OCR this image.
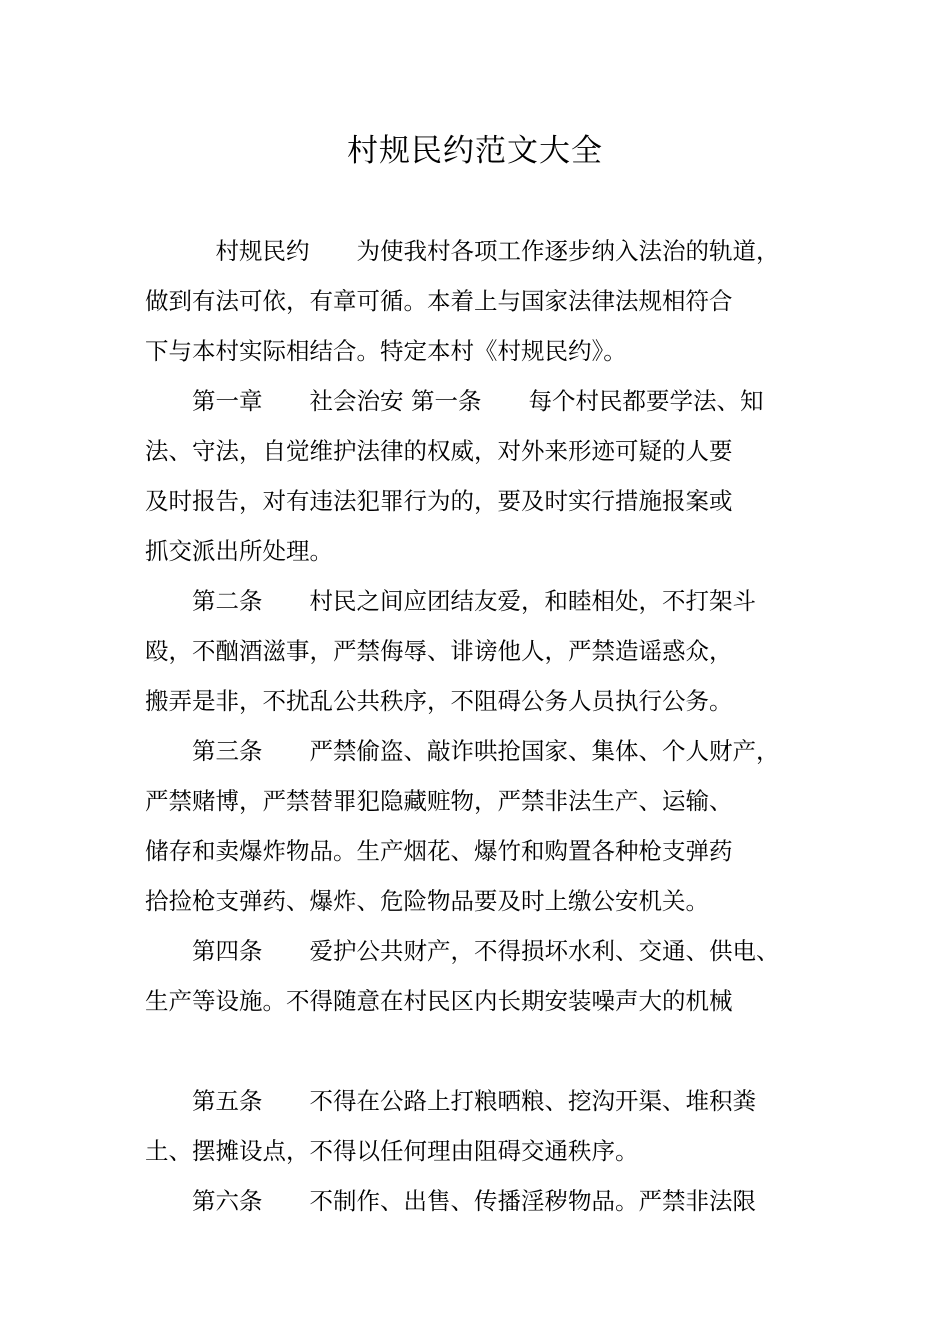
村规民约范文大全
　　　村规民约　　为使我村各项工作逐步纳入法治的轨道，
做到有法可依，有章可循。本着上与国家法律法规相符合
下与本村实际相结合。特定本村《村规民约》。
　　第一章　　社会治安 第一条　　每个村民都要学法、知
法、守法，自觉维护法律的权威，对外来形迹可疑的人要
及时报告，对有违法犯罪行为的，要及时实行措施报案或
抓交派出所处理。
　　第二条　　村民之间应团结友爱，和睦相处，不打架斗
殴，不酗酒滋事，严禁侮辱、诽谤他人，严禁造谣惑众，
搬弄是非，不扰乱公共秩序，不阻碍公务人员执行公务。
　　第三条　　严禁偷盗、敲诈哄抢国家、集体、个人财产，
严禁赌博，严禁替罪犯隐藏赃物，严禁非法生产、运输、
储存和卖爆炸物品。生产烟花、爆竹和购置各种枪支弹药
拾捡枪支弹药、爆炸、危险物品要及时上缴公安机关。
　　第四条　　爱护公共财产，不得损坏水利、交通、供电、
生产等设施。不得随意在村民区内长期安装噪声大的机械
　　第五条　　不得在公路上打粮晒粮、挖沟开渠、堆积粪
土、摆摊设点，不得以任何理由阻碍交通秩序。
　　第六条　　不制作、出售、传播淫秽物品。严禁非法限
